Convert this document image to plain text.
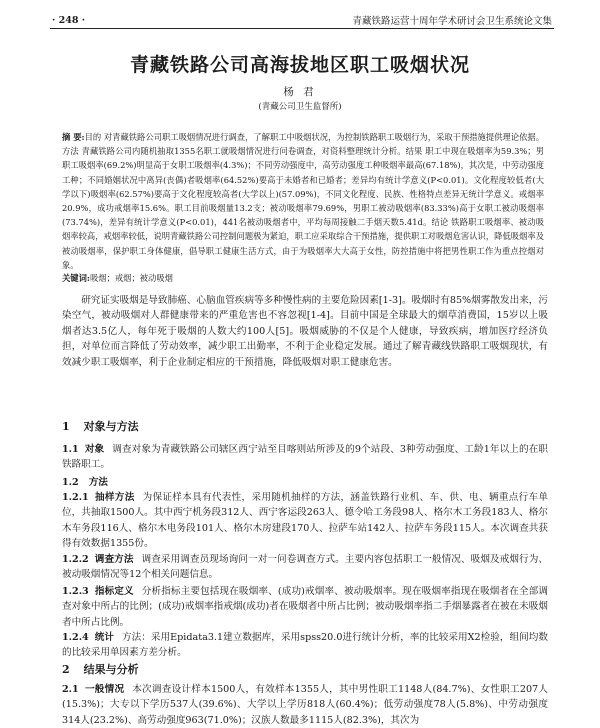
· 248 ·	青藏铁路运营十周年学术研讨会卫生系统论文集
青藏铁路公司高海拔地区职工吸烟状况
杨 君
(青藏公司卫生监督所)

摘 要:目的 对青藏铁路公司职工吸烟情况进行调查，了解职工中吸烟状况，为控制铁路职工吸烟行为，采取干预措施提供理论依据。方法 青藏铁路公司内随机抽取1355名职工就吸烟情况进行问卷调查，对资料整理统计分析。结果 职工中现在吸烟率为59.3%；男职工吸烟率(69.2%)明显高于女职工吸烟率(4.3%)；不同劳动强度中，高劳动强度工种吸烟率最高(67.18%)，其次是，中劳动强度工种；不同婚姻状况中离异(丧偶)者吸烟率(64.52%)要高于未婚者和已婚者；差异均有统计学意义(P<0.01)。文化程度较低者(大学以下)吸烟率(62.57%)要高于文化程度较高者(大学以上)(57.09%)，不同文化程度、民族、性格特点差异无统计学意义。戒烟率20.9%，成功戒烟率15.6%。职工目前吸烟量13.2支；被动吸烟率79.69%，男职工被动吸烟率(83.33%)高于女职工被动吸烟率(73.74%)，差异有统计学意义(P<0.01)，441名被动吸烟者中，平均每周接触二手烟天数5.41d。结论 铁路职工吸烟率、被动吸烟率较高，戒烟率较低，说明青藏铁路公司控制问题极为紧迫，职工应采取综合干预措施，提供职工对吸烟危害认识，降低吸烟率及被动吸烟率，保护职工身体健康，倡导职工健康生活方式，由于为吸烟率大大高于女性，防控措施中将把男性职工作为重点控烟对象。

关键词:吸烟；戒烟；被动吸烟

研究证实吸烟是导致肺癌、心脑血管疾病等多种慢性病的主要危险因素[1-3]。吸烟时有85%烟雾散发出来，污染空气，被动吸烟对人群健康带来的严重危害也不容忽视[1-4]。目前中国是全球最大的烟草消费国，15岁以上吸烟者达3.5亿人，每年死于吸烟的人数大约100人[5]。吸烟威胁的不仅是个人健康，导致疾病，增加医疗经济负担，对单位而言降低了劳动效率，减少职工出勤率，不利于企业稳定发展。通过了解青藏线铁路职工吸烟现状，有效减少职工吸烟率，利于企业制定相应的干预措施，降低吸烟对职工健康危害。

1 对象与方法

1.1 对象 调查对象为青藏铁路公司辖区西宁站至目喀则站所涉及的9个站段、3种劳动强度、工龄1年以上的在职铁路职工。

1.2 方法

1.2.1 抽样方法 为保证样本具有代表性，采用随机抽样的方法，涵盖铁路行业机、车、供、电、辆重点行车单位，共抽取1500人。其中西宁机务段312人、西宁客运段263人、德令哈工务段98人、格尔木工务段183人、格尔木车务段116人、格尔木电务段101人、格尔木房建段170人、拉萨车站142人、拉萨车务段115人。本次调查共获得有效数据1355份。

1.2.2 调查方法 调查采用调查员现场询问一对一问卷调查方式。主要内容包括职工一般情况、吸烟及戒烟行为、被动吸烟情况等12个相关问题信息。

1.2.3 指标定义 分析指标主要包括现在吸烟率、(成功)戒烟率、被动吸烟率。现在吸烟率指现在吸烟者在全部调查对象中所占的比例；(成功)戒烟率指戒烟(成功)者在吸烟者中所占比例；被动吸烟率指二手烟暴露者在被在未吸烟者中所占比例。

1.2.4 统计 方法：采用Epidata3.1建立数据库，采用spss20.0进行统计分析，率的比较采用X2检验，组间均数的比较采用单因素方差分析。

2 结果与分析

2.1 一般情况 本次调查设计样本1500人，有效样本1355人，其中男性职工1148人(84.7%)、女性职工207人(15.3%)；大专以下学历537人(39.6%)、大学以上学历818人(60.4%)；低劳动强度78人(5.8%)、中劳动强度314人(23.2%)、高劳动强度963(71.0%)；汉族人数最多1115人(82.3%)，其次为
